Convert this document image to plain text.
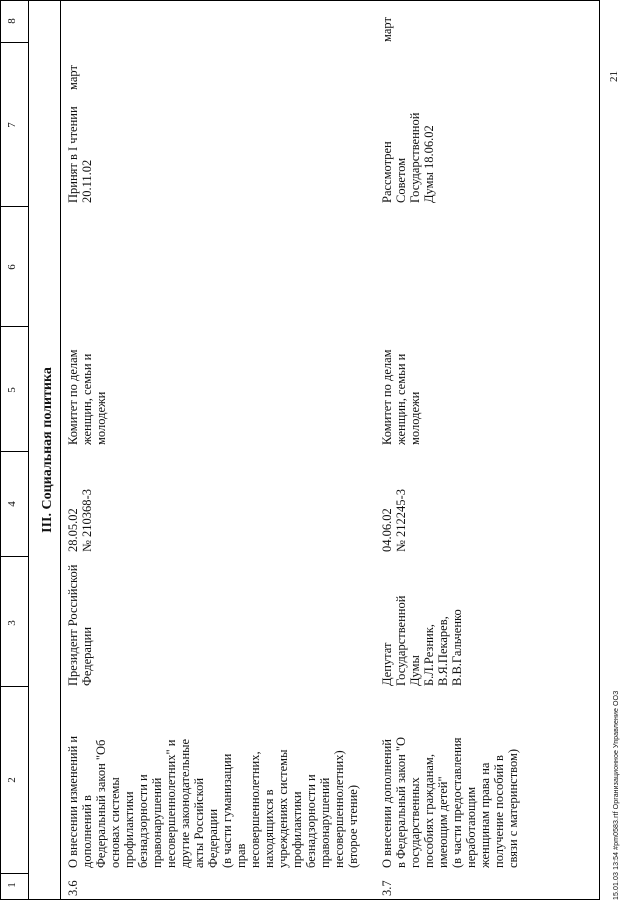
1
2
3
4
5
6
7
8
III. Социальная политика
3.6
О внесении изменений и
дополнений в
Федеральный закон "Об
основах системы
профилактики
безнадзорности и
правонарушений
несовершеннолетних" и
другие законодательные
акты Российской
Федерации
(в части гуманизации
прав
несовершеннолетних,
находящихся в
учреждениях системы
профилактики
безнадзорности и
правонарушений
несовершеннолетних)
(второе чтение)
Президент Российской
Федерации
28.05.02
№ 210368-3
Комитет по делам
женщин, семьи и
молодежи
Принят в I чтении
20.11.02
март
3.7
О внесении дополнений
в Федеральный закон "О
государственных
пособиях гражданам,
имеющим детей"
(в части предоставления
неработающим
женщинам права на
получение пособий в
связи с материнством)
Депутат Государственной
Думы
Б.Л.Резник,
В.Я.Пекарев,
В.В.Гальченко
04.06.02
№ 212245-3
Комитет по делам
женщин, семьи и
молодежи
Рассмотрен
Советом
Государственной
Думы 18.06.02
март
15.01.03 13:54 #рm0583.rtf Организационное Управление ООЗ
21
